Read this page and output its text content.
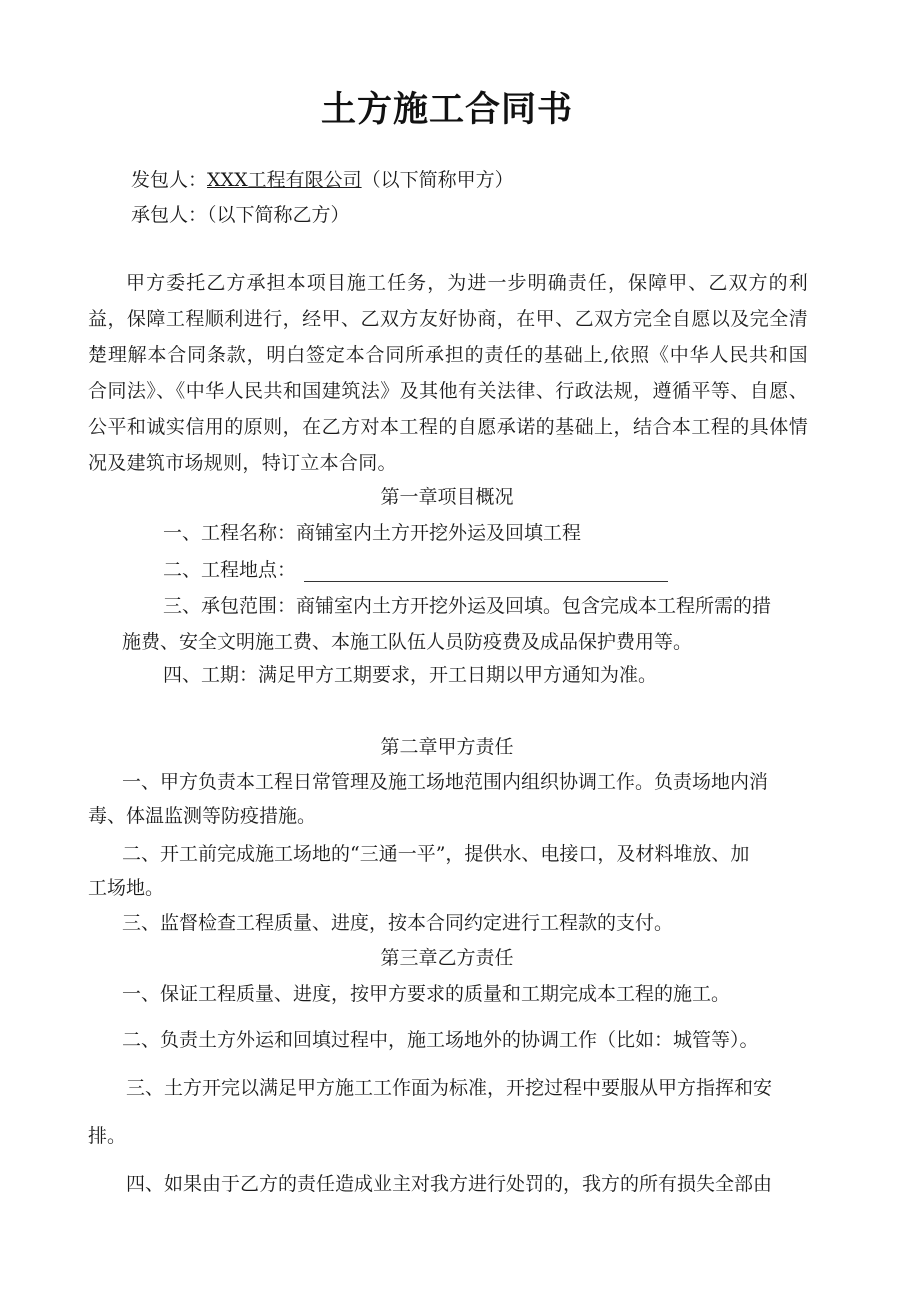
土方施工合同书
发包人：XXX工程有限公司（以下简称甲方）
承包人：（以下简称乙方）
甲方委托乙方承担本项目施工任务，为进一步明确责任，保障甲、乙双方的利益，保障工程顺利进行，经甲、乙双方友好协商，在甲、乙双方完全自愿以及完全清楚理解本合同条款，明白签定本合同所承担的责任的基础上,依照《中华人民共和国合同法》、《中华人民共和国建筑法》及其他有关法律、行政法规，遵循平等、自愿、公平和诚实信用的原则，在乙方对本工程的自愿承诺的基础上，结合本工程的具体情况及建筑市场规则，特订立本合同。
第一章项目概况
一、工程名称：商铺室内土方开挖外运及回填工程
二、工程地点：
三、承包范围：商铺室内土方开挖外运及回填。包含完成本工程所需的措
施费、安全文明施工费、本施工队伍人员防疫费及成品保护费用等。
四、工期：满足甲方工期要求，开工日期以甲方通知为准。
第二章甲方责任
一、甲方负责本工程日常管理及施工场地范围内组织协调工作。负责场地内消
毒、体温监测等防疫措施。
二、开工前完成施工场地的“三通一平”，提供水、电接口，及材料堆放、加
工场地。
三、监督检查工程质量、进度，按本合同约定进行工程款的支付。
第三章乙方责任
一、保证工程质量、进度，按甲方要求的质量和工期完成本工程的施工。
二、负责土方外运和回填过程中，施工场地外的协调工作（比如：城管等）。
三、土方开完以满足甲方施工工作面为标准，开挖过程中要服从甲方指挥和安
排。
四、如果由于乙方的责任造成业主对我方进行处罚的，我方的所有损失全部由
